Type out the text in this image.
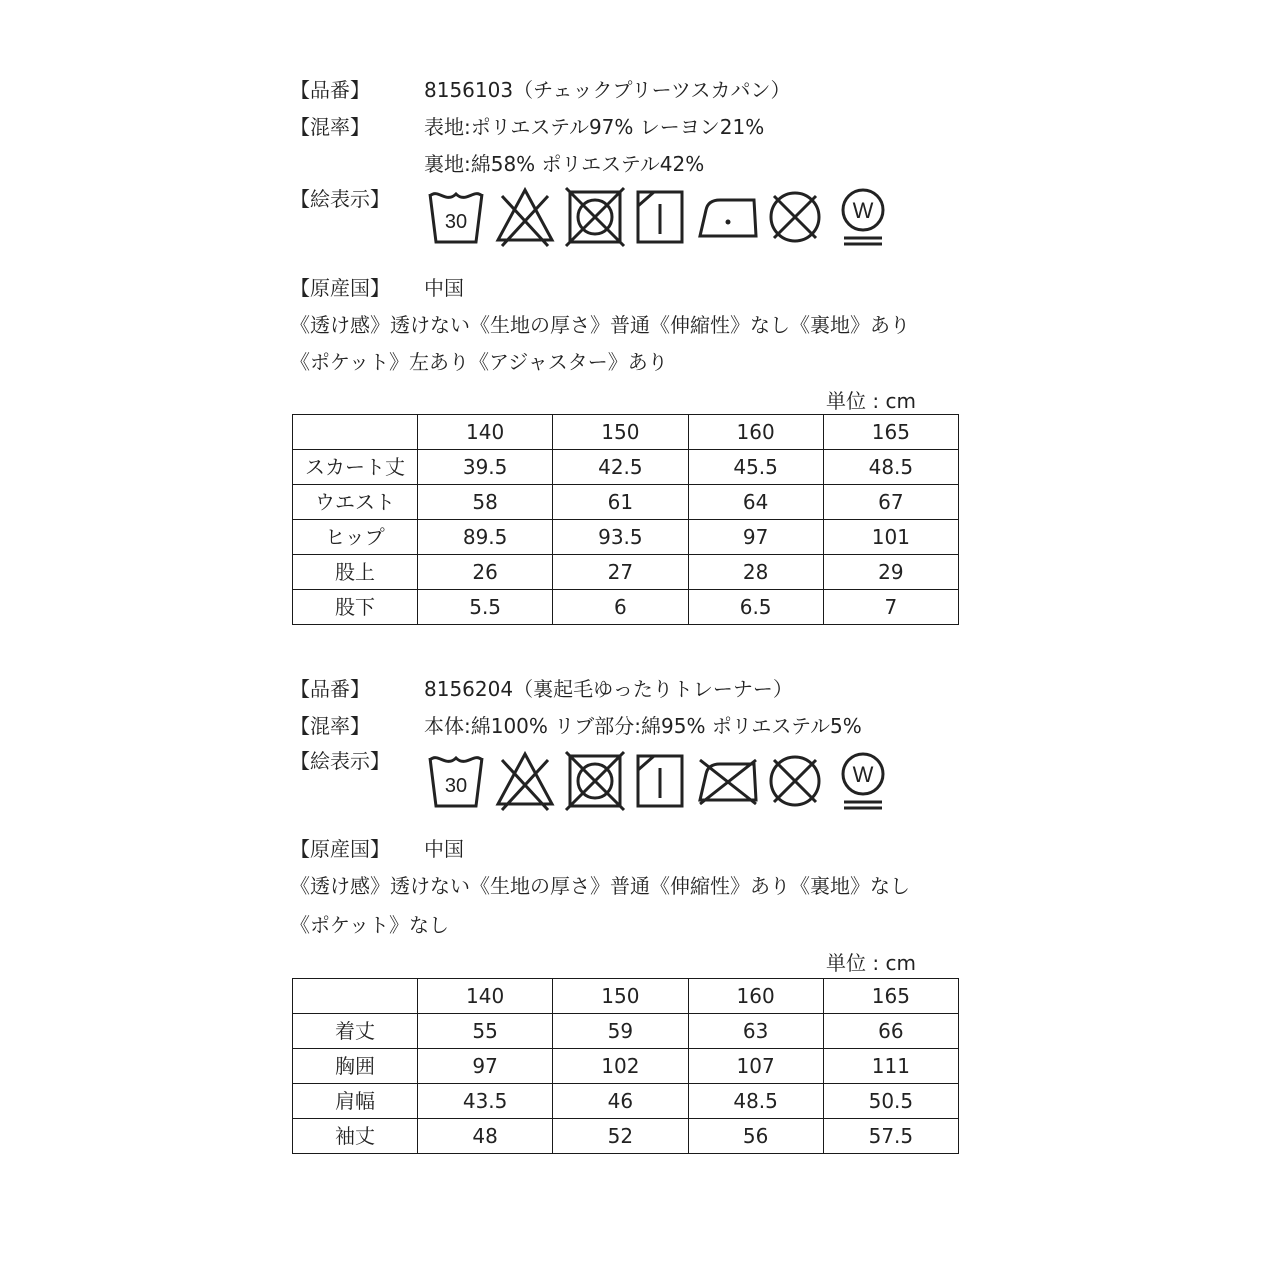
【品番】	8156103（チェックプリーツスカパン）
【混率】	表地:ポリエステル97% レーヨン21%
裏地:綿58% ポリエステル42%
【絵表示】
30	W
【原産国】 中国
《透け感》透けない《生地の厚さ》普通《伸縮性》なし《裏地》あり
《ポケット》左あり《アジャスター》あり
単位 : cm
	140	150	160	165
スカート丈	39.5	42.5	45.5	48.5
ウエスト	58	61	64	67
ヒップ	89.5	93.5	97	101
股上	26	27	28	29
股下	5.5	6	6.5	7
【品番】	8156204（裏起毛ゆったりトレーナー）
【混率】	本体:綿100% リブ部分:綿95% ポリエステル5%
【絵表示】
30	W
【原産国】 中国
《透け感》透けない《生地の厚さ》普通《伸縮性》あり《裏地》なし
《ポケット》なし
単位 : cm
	140	150	160	165
着丈	55	59	63	66
胸囲	97	102	107	111
肩幅	43.5	46	48.5	50.5
袖丈	48	52	56	57.5
